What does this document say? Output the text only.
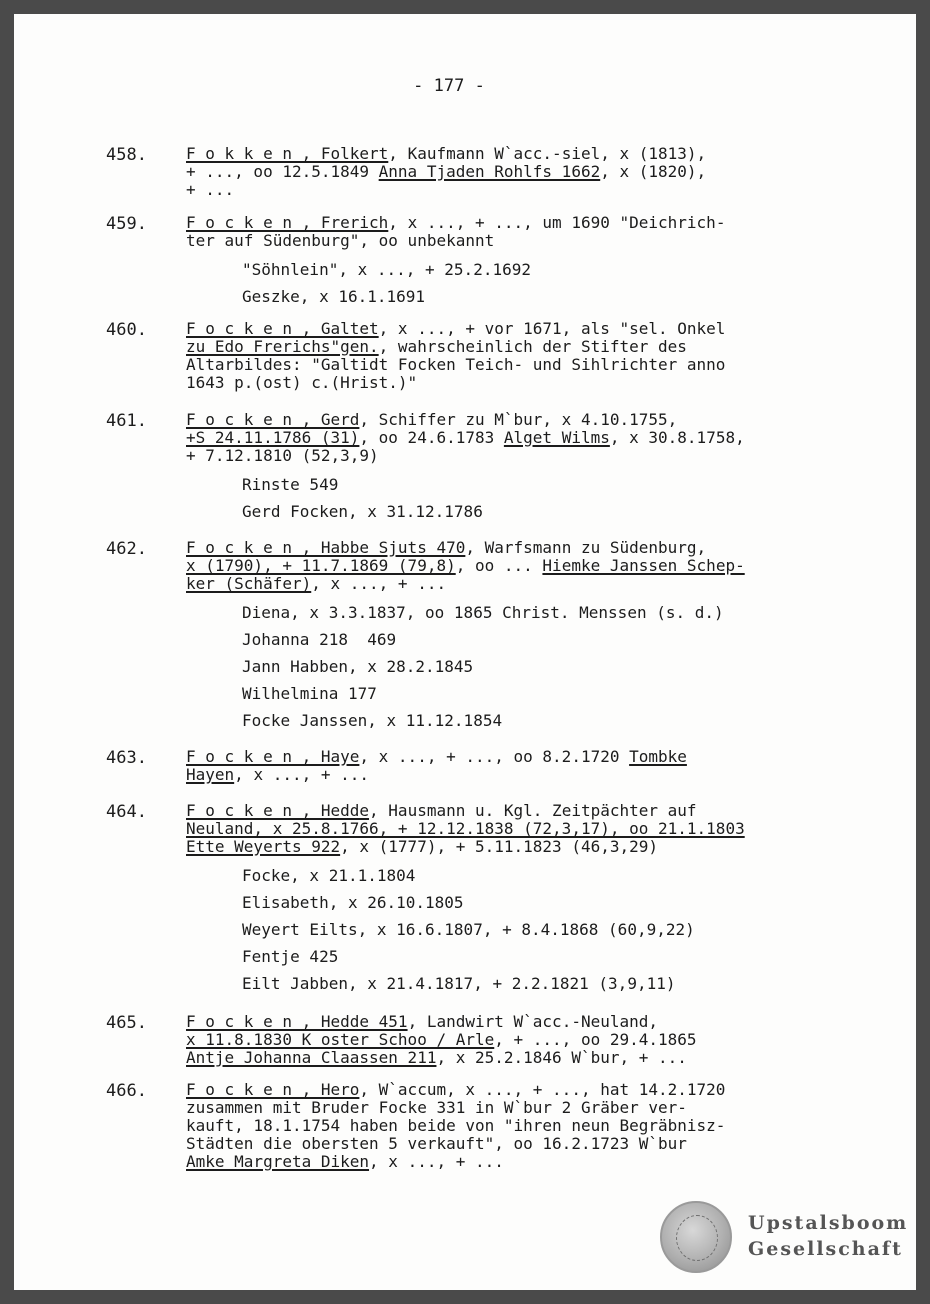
- 177 -
458. F o k k e n , Folkert, Kaufmann W`acc.-siel, x (1813),
+ ..., oo 12.5.1849 Anna Tjaden Rohlfs 1662, x (1820),
+ ...
459. F o c k e n , Frerich, x ..., + ..., um 1690 "Deichrich-
ter auf Südenburg", oo unbekannt
"Söhnlein", x ..., + 25.2.1692
Geszke, x 16.1.1691
460. F o c k e n , Galtet, x ..., + vor 1671, als "sel. Onkel
zu Edo Frerichs"gen., wahrscheinlich der Stifter des
Altarbildes: "Galtidt Focken Teich- und Sihlrichter anno
1643 p.(ost) c.(Hrist.)"
461. F o c k e n , Gerd, Schiffer zu M`bur, x 4.10.1755,
+S 24.11.1786 (31), oo 24.6.1783 Alget Wilms, x 30.8.1758,
+ 7.12.1810 (52,3,9)
Rinste 549
Gerd Focken, x 31.12.1786
462. F o c k e n , Habbe Sjuts 470, Warfsmann zu Südenburg,
x (1790), + 11.7.1869 (79,8), oo ... Hiemke Janssen Schep-
ker (Schäfer), x ..., + ...
Diena, x 3.3.1837, oo 1865 Christ. Menssen (s. d.)
Johanna 218  469
Jann Habben, x 28.2.1845
Wilhelmina 177
Focke Janssen, x 11.12.1854
463. F o c k e n , Haye, x ..., + ..., oo 8.2.1720 Tombke
Hayen, x ..., + ...
464. F o c k e n , Hedde, Hausmann u. Kgl. Zeitpächter auf
Neuland, x 25.8.1766, + 12.12.1838 (72,3,17), oo 21.1.1803
Ette Weyerts 922, x (1777), + 5.11.1823 (46,3,29)
Focke, x 21.1.1804
Elisabeth, x 26.10.1805
Weyert Eilts, x 16.6.1807, + 8.4.1868 (60,9,22)
Fentje 425
Eilt Jabben, x 21.4.1817, + 2.2.1821 (3,9,11)
465. F o c k e n , Hedde 451, Landwirt W`acc.-Neuland,
x 11.8.1830 K oster Schoo / Arle, + ..., oo 29.4.1865
Antje Johanna Claassen 211, x 25.2.1846 W`bur, + ...
466. F o c k e n , Hero, W`accum, x ..., + ..., hat 14.2.1720
zusammen mit Bruder Focke 331 in W`bur 2 Gräber ver-
kauft, 18.1.1754 haben beide von "ihren neun Begräbnisz-
Städten die obersten 5 verkauft", oo 16.2.1723 W`bur
Amke Margreta Diken, x ..., + ...
Upstalsboom
Gesellschaft
